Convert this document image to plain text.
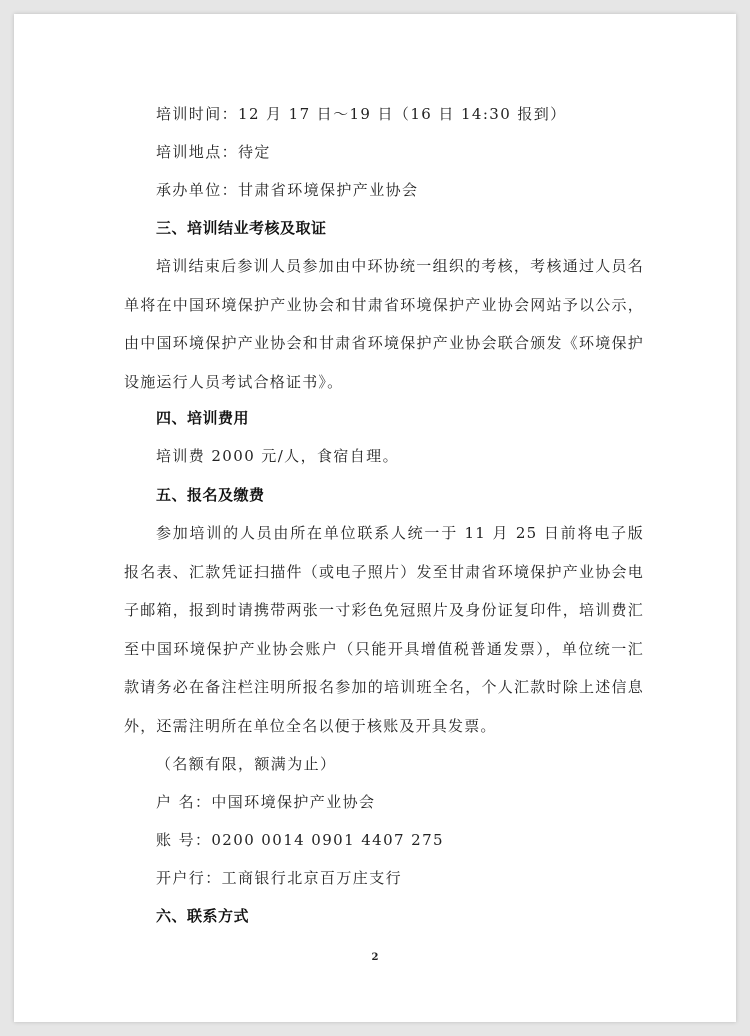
培训时间：12 月 17 日～19 日（16 日 14:30 报到）
培训地点：待定
承办单位：甘肃省环境保护产业协会
三、培训结业考核及取证
培训结束后参训人员参加由中环协统一组织的考核，考核通过人员名单将在中国环境保护产业协会和甘肃省环境保护产业协会网站予以公示，由中国环境保护产业协会和甘肃省环境保护产业协会联合颁发《环境保护设施运行人员考试合格证书》。
四、培训费用
培训费 2000 元/人，食宿自理。
五、报名及缴费
参加培训的人员由所在单位联系人统一于 11 月 25 日前将电子版报名表、汇款凭证扫描件（或电子照片）发至甘肃省环境保护产业协会电子邮箱，报到时请携带两张一寸彩色免冠照片及身份证复印件，培训费汇至中国环境保护产业协会账户（只能开具增值税普通发票），单位统一汇款请务必在备注栏注明所报名参加的培训班全名，个人汇款时除上述信息外，还需注明所在单位全名以便于核账及开具发票。
（名额有限，额满为止）
户 名：中国环境保护产业协会
账 号：0200 0014 0901 4407 275
开户行：工商银行北京百万庄支行
六、联系方式
2
